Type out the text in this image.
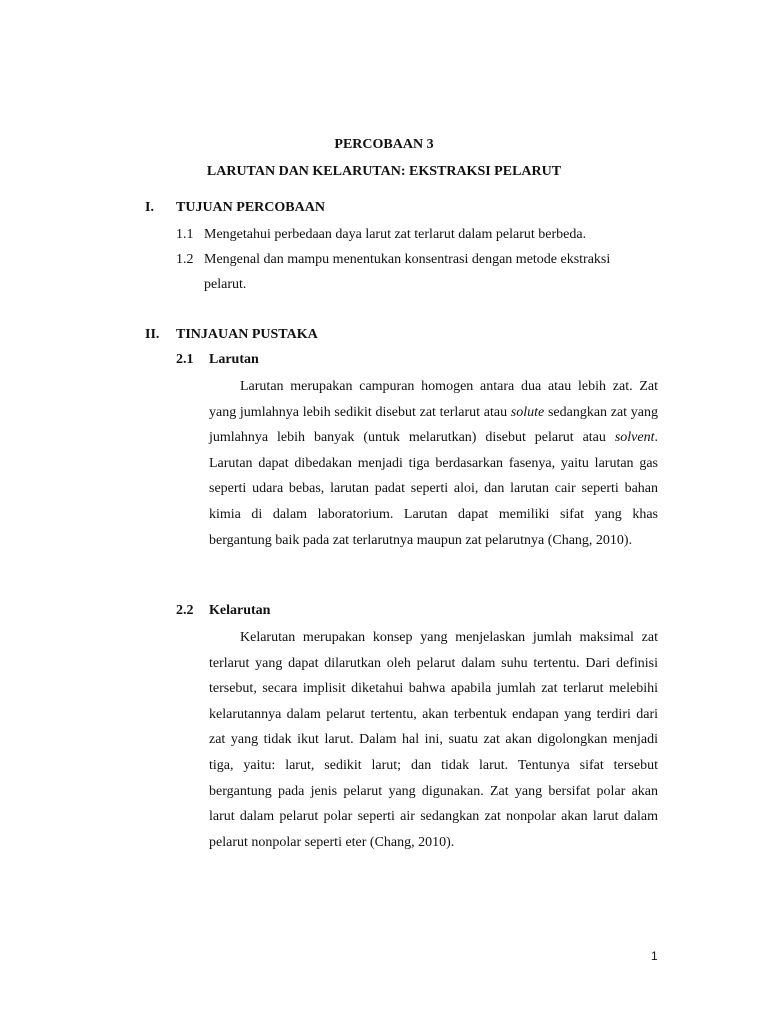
PERCOBAAN 3
LARUTAN DAN KELARUTAN: EKSTRAKSI PELARUT
I. TUJUAN PERCOBAAN
1.1 Mengetahui perbedaan daya larut zat terlarut dalam pelarut berbeda.
1.2 Mengenal dan mampu menentukan konsentrasi dengan metode ekstraksi
pelarut.
II. TINJAUAN PUSTAKA
2.1 Larutan
Larutan merupakan campuran homogen antara dua atau lebih zat. Zat yang jumlahnya lebih sedikit disebut zat terlarut atau solute sedangkan zat yang jumlahnya lebih banyak (untuk melarutkan) disebut pelarut atau solvent. Larutan dapat dibedakan menjadi tiga berdasarkan fasenya, yaitu larutan gas seperti udara bebas, larutan padat seperti aloi, dan larutan cair seperti bahan kimia di dalam laboratorium. Larutan dapat memiliki sifat yang khas bergantung baik pada zat terlarutnya maupun zat pelarutnya (Chang, 2010).
2.2 Kelarutan
Kelarutan merupakan konsep yang menjelaskan jumlah maksimal zat terlarut yang dapat dilarutkan oleh pelarut dalam suhu tertentu. Dari definisi tersebut, secara implisit diketahui bahwa apabila jumlah zat terlarut melebihi kelarutannya dalam pelarut tertentu, akan terbentuk endapan yang terdiri dari zat yang tidak ikut larut. Dalam hal ini, suatu zat akan digolongkan menjadi tiga, yaitu: larut, sedikit larut; dan tidak larut. Tentunya sifat tersebut bergantung pada jenis pelarut yang digunakan. Zat yang bersifat polar akan larut dalam pelarut polar seperti air sedangkan zat nonpolar akan larut dalam pelarut nonpolar seperti eter (Chang, 2010).
1
